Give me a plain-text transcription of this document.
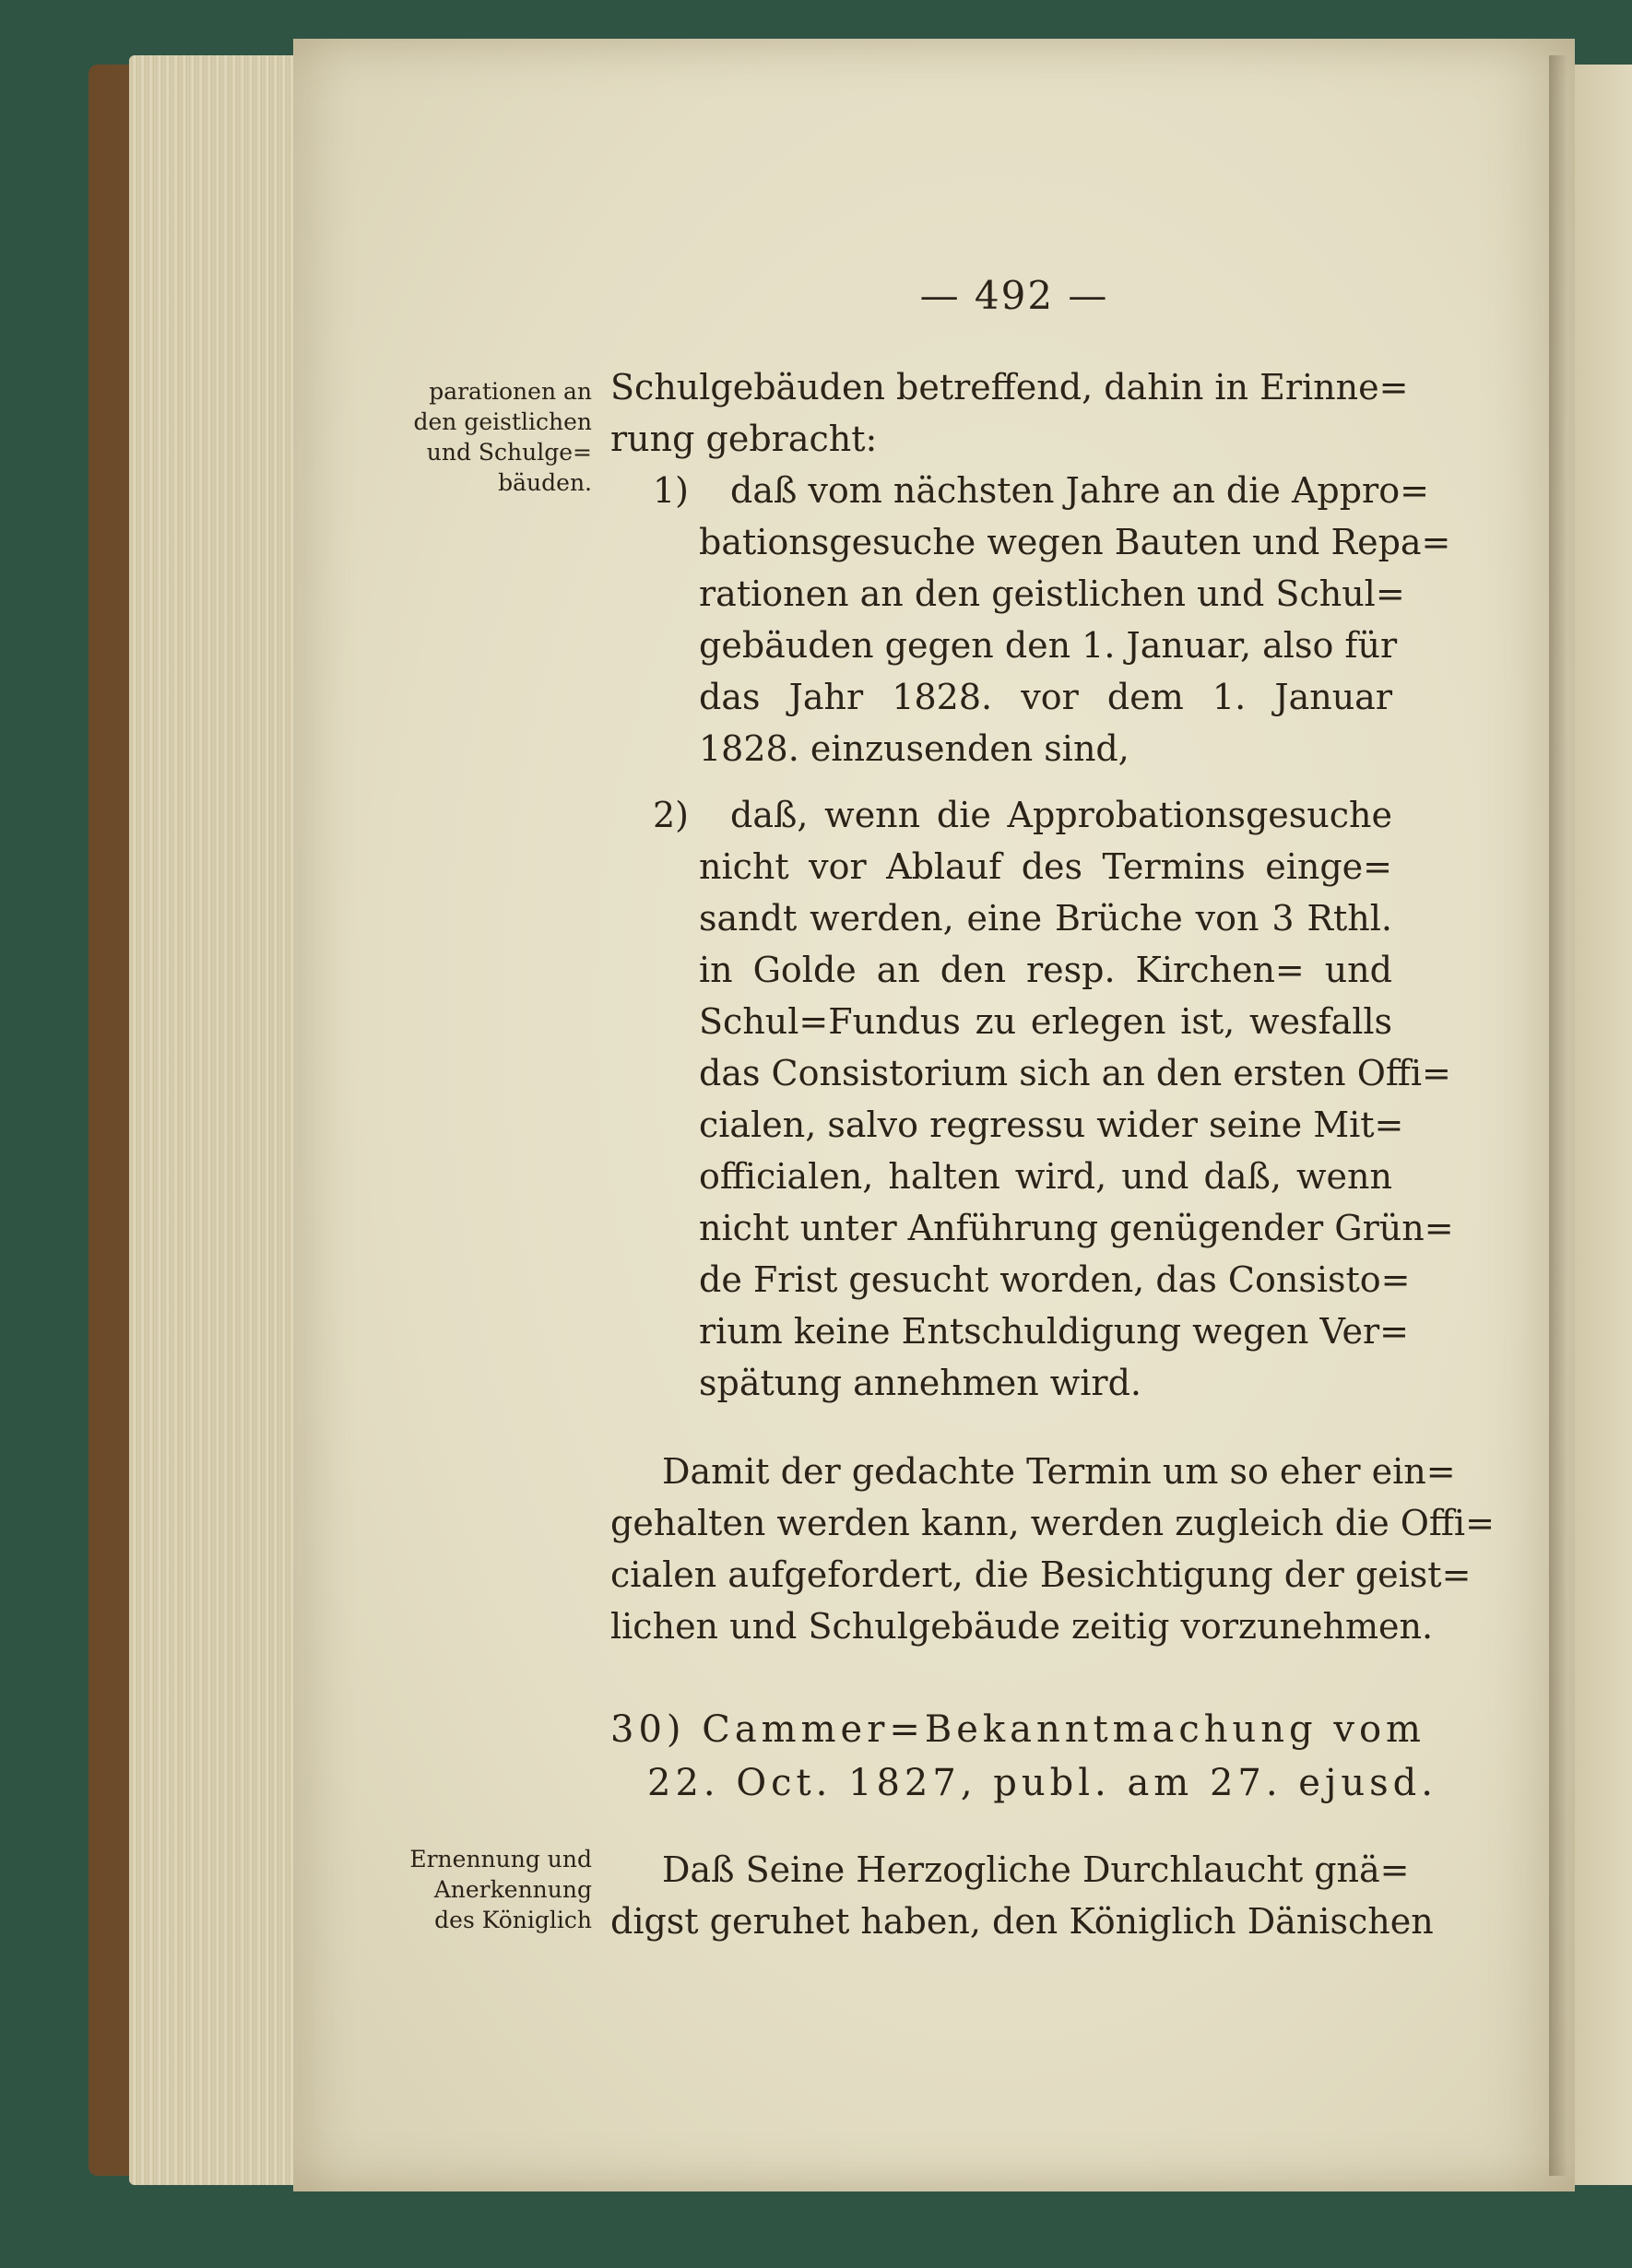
— 492 —
parationen an
den geistlichen
und Schulge=
bäuden.
Ernennung und
Anerkennung
des Königlich
Schulgebäuden betreffend, dahin in Erinne=
rung gebracht:
1) daß vom nächsten Jahre an die Appro=
bationsgesuche wegen Bauten und Repa=
rationen an den geistlichen und Schul=
gebäuden gegen den 1. Januar, also für
das Jahr 1828. vor dem 1. Januar
1828. einzusenden sind,
2) daß, wenn die Approbationsgesuche
nicht vor Ablauf des Termins einge=
sandt werden, eine Brüche von 3 Rthl.
in Golde an den resp. Kirchen= und
Schul=Fundus zu erlegen ist, wesfalls
das Consistorium sich an den ersten Offi=
cialen, salvo regressu wider seine Mit=
officialen, halten wird, und daß, wenn
nicht unter Anführung genügender Grün=
de Frist gesucht worden, das Consisto=
rium keine Entschuldigung wegen Ver=
spätung annehmen wird.
Damit der gedachte Termin um so eher ein=
gehalten werden kann, werden zugleich die Offi=
cialen aufgefordert, die Besichtigung der geist=
lichen und Schulgebäude zeitig vorzunehmen.
30) Cammer=Bekanntmachung vom
22. Oct. 1827, publ. am 27. ejusd.
Daß Seine Herzogliche Durchlaucht gnä=
digst geruhet haben, den Königlich Dänischen
